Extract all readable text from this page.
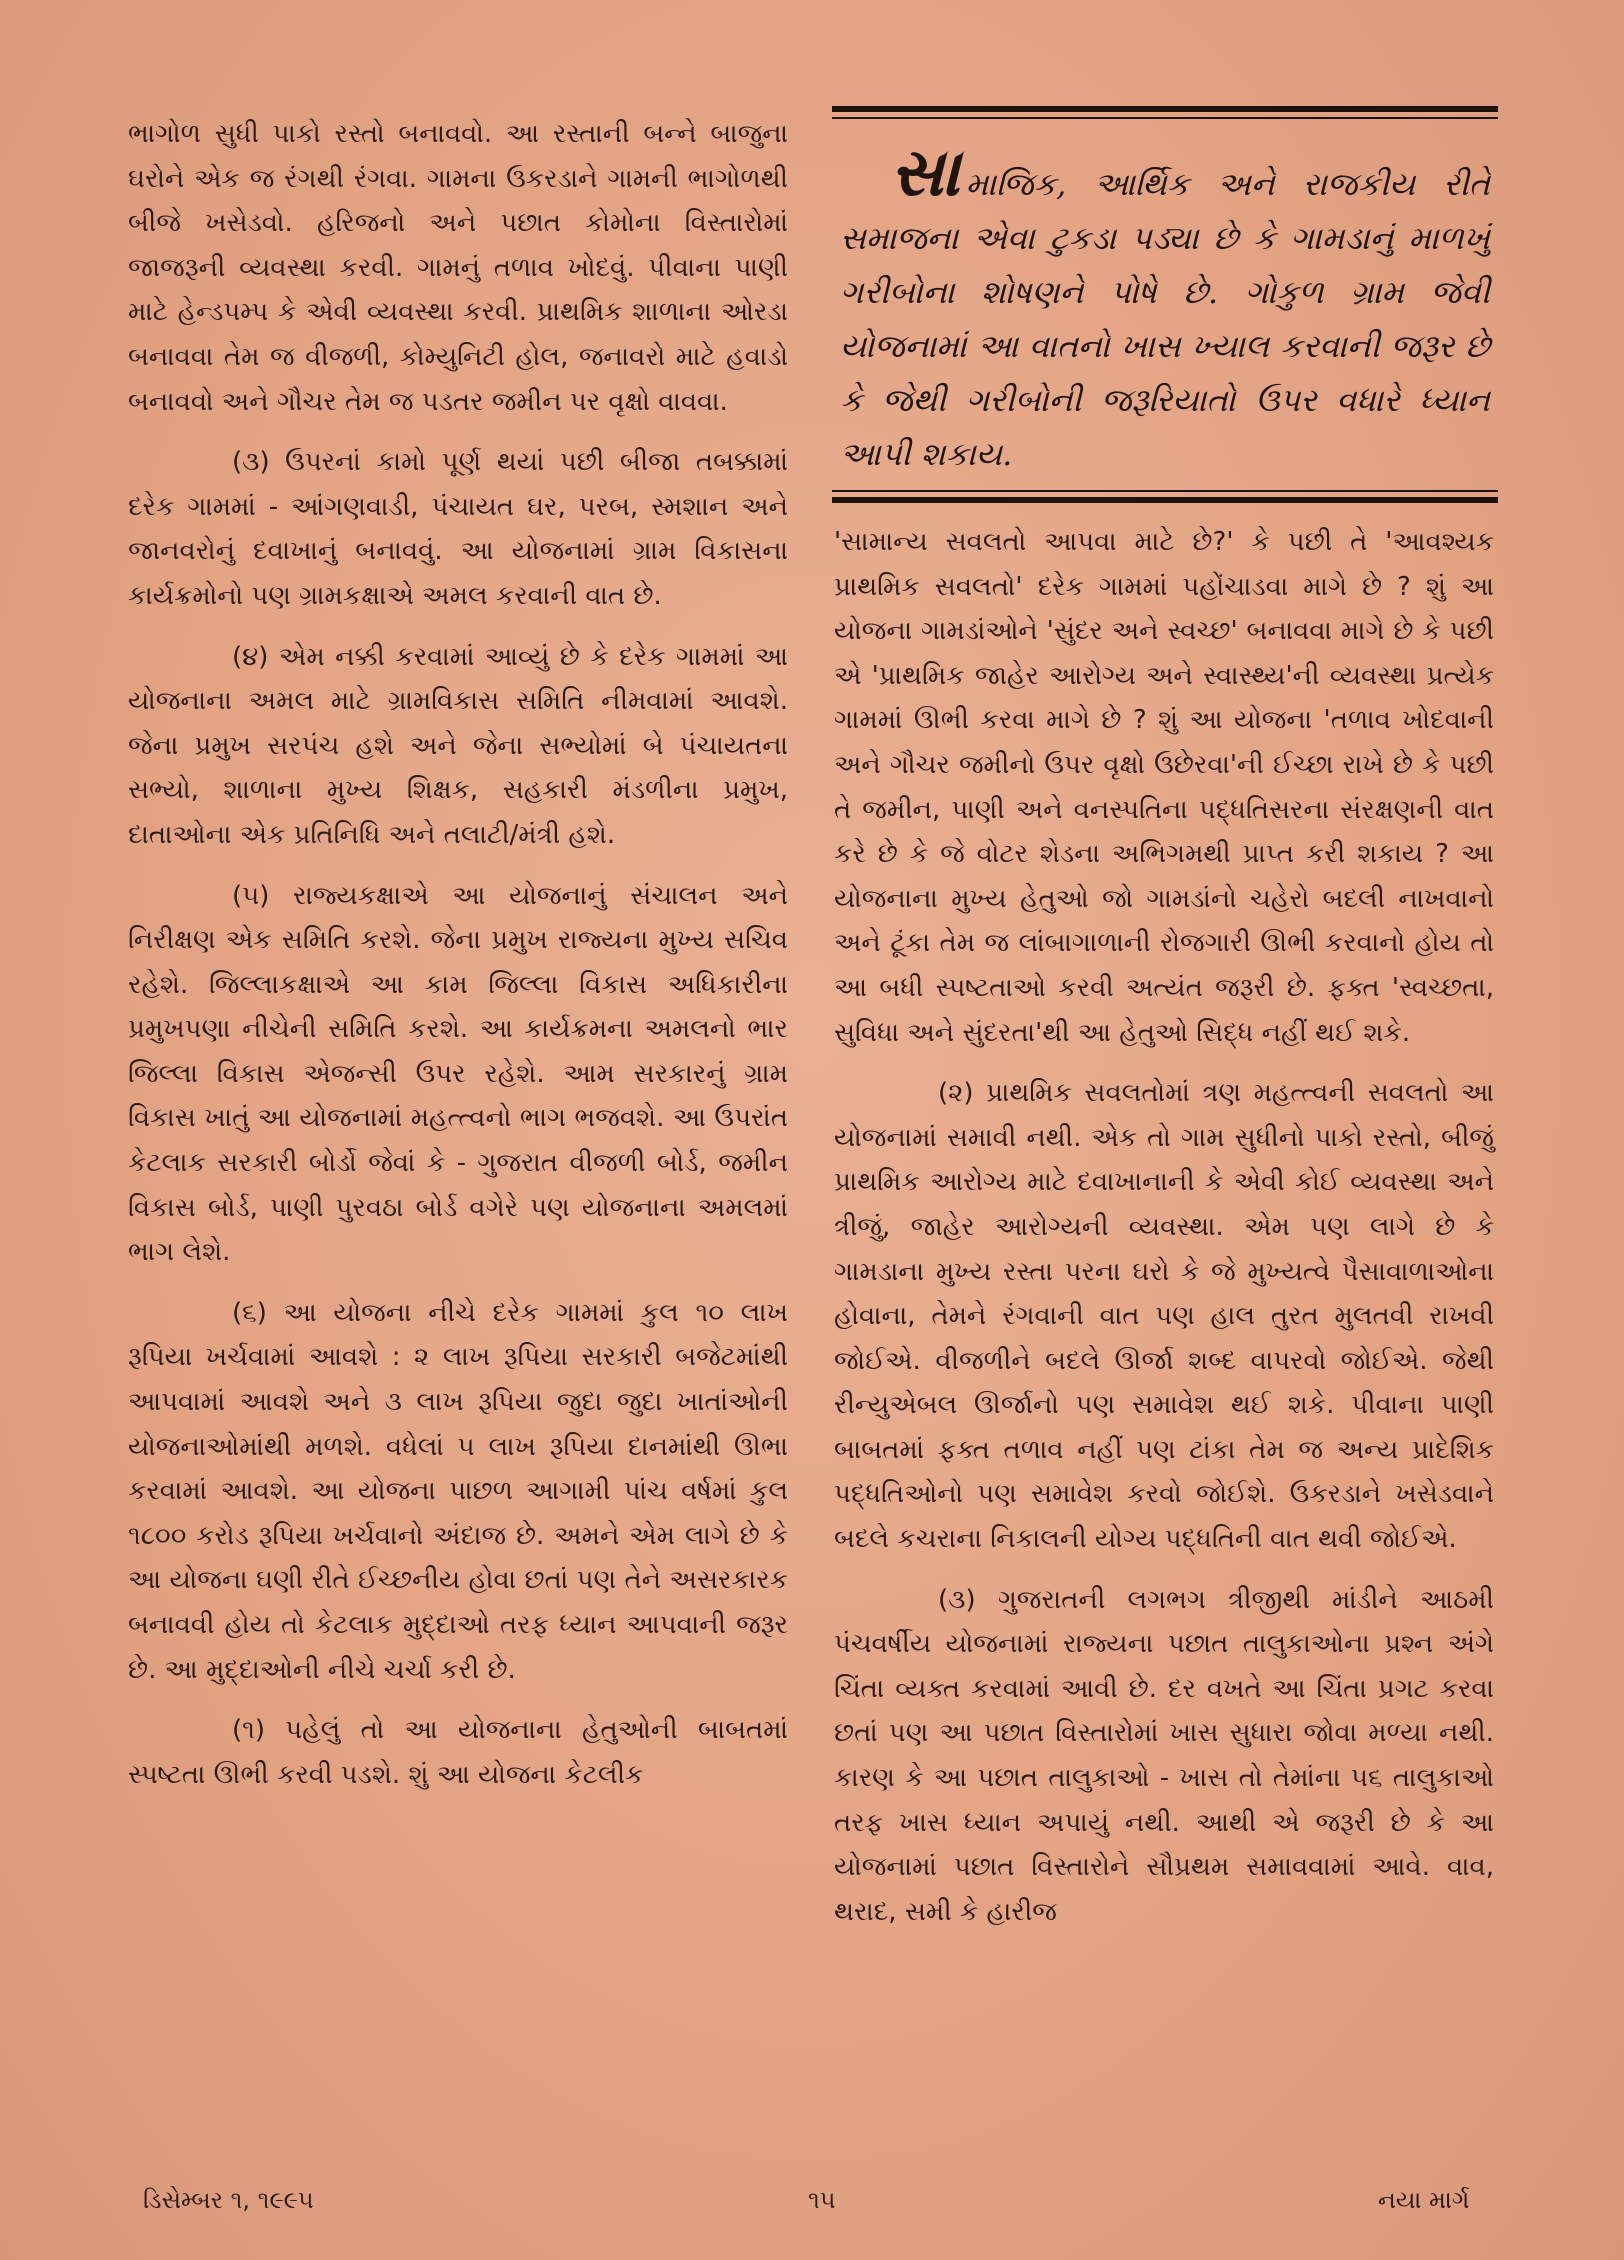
ભાગોળ સુધી પાકો રસ્તો બનાવવો. આ રસ્તાની બન્ને બાજુના ઘરોને એક જ રંગથી રંગવા. ગામના ઉકરડાને ગામની ભાગોળથી બીજે ખસેડવો. હરિજનો અને પછાત કોમોના વિસ્તારોમાં જાજરૂની વ્યવસ્થા કરવી. ગામનું તળાવ ખોદવું. પીવાના પાણી માટે હેન્ડપમ્પ કે એવી વ્યવસ્થા કરવી. પ્રાથમિક શાળાના ઓરડા બનાવવા તેમ જ વીજળી, કોમ્યુનિટી હોલ, જનાવરો માટે હવાડો બનાવવો અને ગૌચર તેમ જ પડતર જમીન પર વૃક્ષો વાવવા.

(૩) ઉપરનાં કામો પૂર્ણ થયાં પછી બીજા તબક્કામાં દરેક ગામમાં - આંગણવાડી, પંચાયત ઘર, પરબ, સ્મશાન અને જાનવરોનું દવાખાનું બનાવવું. આ યોજનામાં ગ્રામ વિકાસના કાર્યક્રમોનો પણ ગ્રામકક્ષાએ અમલ કરવાની વાત છે.

(૪) એમ નક્કી કરવામાં આવ્યું છે કે દરેક ગામમાં આ યોજનાના અમલ માટે ગ્રામવિકાસ સમિતિ નીમવામાં આવશે. જેના પ્રમુખ સરપંચ હશે અને જેના સભ્યોમાં બે પંચાયતના સભ્યો, શાળાના મુખ્ય શિક્ષક, સહકારી મંડળીના પ્રમુખ, દાતાઓના એક પ્રતિનિધિ અને તલાટી/મંત્રી હશે.

(૫) રાજ્યકક્ષાએ આ યોજનાનું સંચાલન અને નિરીક્ષણ એક સમિતિ કરશે. જેના પ્રમુખ રાજ્યના મુખ્ય સચિવ રહેશે. જિલ્લાકક્ષાએ આ કામ જિલ્લા વિકાસ અધિકારીના પ્રમુખપણા નીચેની સમિતિ કરશે. આ કાર્યક્રમના અમલનો ભાર જિલ્લા વિકાસ એજન્સી ઉપર રહેશે. આમ સરકારનું ગ્રામ વિકાસ ખાતું આ યોજનામાં મહત્ત્વનો ભાગ ભજવશે. આ ઉપરાંત કેટલાક સરકારી બોર્ડો જેવાં કે - ગુજરાત વીજળી બોર્ડ, જમીન વિકાસ બોર્ડ, પાણી પુરવઠા બોર્ડ વગેરે પણ યોજનાના અમલમાં ભાગ લેશે.

(૬) આ યોજના નીચે દરેક ગામમાં કુલ ૧૦ લાખ રૂપિયા ખર્ચવામાં આવશે : ૨ લાખ રૂપિયા સરકારી બજેટમાંથી આપવામાં આવશે અને ૩ લાખ રૂપિયા જુદા જુદા ખાતાંઓની યોજનાઓમાંથી મળશે. વધેલાં ૫ લાખ રૂપિયા દાનમાંથી ઊભા કરવામાં આવશે. આ યોજના પાછળ આગામી પાંચ વર્ષમાં કુલ ૧૮૦૦ કરોડ રૂપિયા ખર્ચવાનો અંદાજ છે. અમને એમ લાગે છે કે આ યોજના ઘણી રીતે ઈચ્છનીય હોવા છતાં પણ તેને અસરકારક બનાવવી હોય તો કેટલાક મુદ્દાઓ તરફ ધ્યાન આપવાની જરૂર છે. આ મુદ્દાઓની નીચે ચર્ચા કરી છે.

(૧) પહેલું તો આ યોજનાના હેતુઓની બાબતમાં સ્પષ્ટતા ઊભી કરવી પડશે. શું આ યોજના કેટલીક

સામાજિક, આર્થિક અને રાજકીય રીતે સમાજના એવા ટુકડા પડ્યા છે કે ગામડાનું માળખું ગરીબોના શોષણને પોષે છે. ગોકુળ ગ્રામ જેવી યોજનામાં આ વાતનો ખાસ ખ્યાલ કરવાની જરૂર છે કે જેથી ગરીબોની જરૂરિયાતો ઉપર વધારે ધ્યાન આપી શકાય.

'સામાન્ય સવલતો આપવા માટે છે?' કે પછી તે 'આવશ્યક પ્રાથમિક સવલતો' દરેક ગામમાં પહોંચાડવા માગે છે ? શું આ યોજના ગામડાંઓને 'સુંદર અને સ્વચ્છ' બનાવવા માગે છે કે પછી એ 'પ્રાથમિક જાહેર આરોગ્ય અને સ્વાસ્થ્ય'ની વ્યવસ્થા પ્રત્યેક ગામમાં ઊભી કરવા માગે છે ? શું આ યોજના 'તળાવ ખોદવાની અને ગૌચર જમીનો ઉપર વૃક્ષો ઉછેરવા'ની ઈચ્છા રાખે છે કે પછી તે જમીન, પાણી અને વનસ્પતિના પદ્ધતિસરના સંરક્ષણની વાત કરે છે કે જે વોટર શેડના અભિગમથી પ્રાપ્ત કરી શકાય ? આ યોજનાના મુખ્ય હેતુઓ જો ગામડાંનો ચહેરો બદલી નાખવાનો અને ટૂંકા તેમ જ લાંબાગાળાની રોજગારી ઊભી કરવાનો હોય તો આ બધી સ્પષ્ટતાઓ કરવી અત્યંત જરૂરી છે. ફક્ત 'સ્વચ્છતા, સુવિધા અને સુંદરતા'થી આ હેતુઓ સિદ્ધ નહીં થઈ શકે.

(૨) પ્રાથમિક સવલતોમાં ત્રણ મહત્ત્વની સવલતો આ યોજનામાં સમાવી નથી. એક તો ગામ સુધીનો પાકો રસ્તો, બીજું પ્રાથમિક આરોગ્ય માટે દવાખાનાની કે એવી કોઈ વ્યવસ્થા અને ત્રીજું, જાહેર આરોગ્યની વ્યવસ્થા. એમ પણ લાગે છે કે ગામડાના મુખ્ય રસ્તા પરના ઘરો કે જે મુખ્યત્વે પૈસાવાળાઓના હોવાના, તેમને રંગવાની વાત પણ હાલ તુરત મુલતવી રાખવી જોઈએ. વીજળીને બદલે ઊર્જા શબ્દ વાપરવો જોઈએ. જેથી રીન્યુએબલ ઊર્જાનો પણ સમાવેશ થઈ શકે. પીવાના પાણી બાબતમાં ફક્ત તળાવ નહીં પણ ટાંકા તેમ જ અન્ય પ્રાદેશિક પદ્ધતિઓનો પણ સમાવેશ કરવો જોઈશે. ઉકરડાને ખસેડવાને બદલે કચરાના નિકાલની યોગ્ય પદ્ધતિની વાત થવી જોઈએ.

(૩) ગુજરાતની લગભગ ત્રીજીથી માંડીને આઠમી પંચવર્ષીય યોજનામાં રાજ્યના પછાત તાલુકાઓના પ્રશ્ન અંગે ચિંતા વ્યક્ત કરવામાં આવી છે. દર વખતે આ ચિંતા પ્રગટ કરવા છતાં પણ આ પછાત વિસ્તારોમાં ખાસ સુધારા જોવા મળ્યા નથી. કારણ કે આ પછાત તાલુકાઓ - ખાસ તો તેમાંના ૫૬ તાલુકાઓ તરફ ખાસ ધ્યાન અપાયું નથી. આથી એ જરૂરી છે કે આ યોજનામાં પછાત વિસ્તારોને સૌપ્રથમ સમાવવામાં આવે. વાવ, થરાદ, સમી કે હારીજ

ડિસેમ્બર ૧, ૧૯૯૫	૧૫	નયા માર્ગ
